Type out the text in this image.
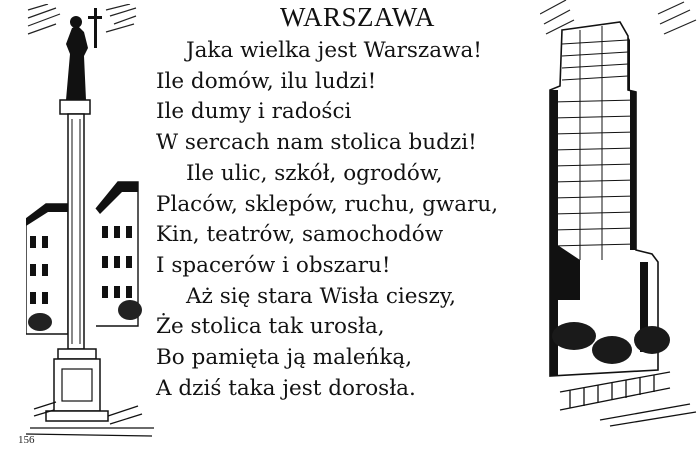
WARSZAWA
Jaka wielka jest Warszawa!
Ile domów, ilu ludzi!
Ile dumy i radości
W sercach nam stolica budzi!
Ile ulic, szkół, ogrodów,
Placów, sklepów, ruchu, gwaru,
Kin, teatrów, samochodów
I spacerów i obszaru!
Aż się stara Wisła cieszy,
Że stolica tak urosła,
Bo pamięta ją maleńką,
A dziś taka jest dorosła.
156
